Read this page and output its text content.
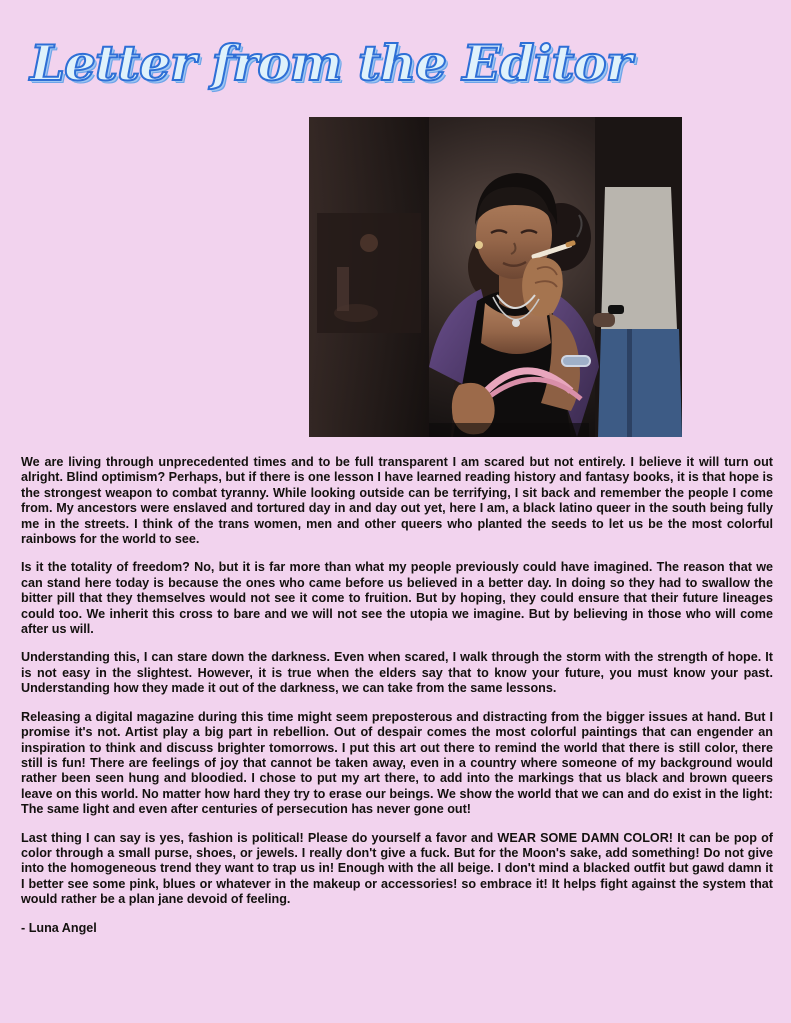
Letter from the Editor

We are living through unprecedented times and to be full transparent I am scared but not entirely. I believe it will turn out alright. Blind optimism? Perhaps, but if there is one lesson I have learned reading history and fantasy books, it is that hope is the strongest weapon to combat tyranny. While looking outside can be terrifying, I sit back and remember the people I come from. My ancestors were enslaved and tortured day in and day out yet, here I am, a black latino queer in the south being fully me in the streets. I think of the trans women, men and other queers who planted the seeds to let us be the most colorful rainbows for the world to see.

Is it the totality of freedom? No, but it is far more than what my people previously could have imagined. The reason that we can stand here today is because the ones who came before us believed in a better day. In doing so they had to swallow the bitter pill that they themselves would not see it come to fruition. But by hoping, they could ensure that their future lineages could too. We inherit this cross to bare and we will not see the utopia we imagine. But by believing in those who will come after us will.

Understanding this, I can stare down the darkness. Even when scared, I walk through the storm with the strength of hope. It is not easy in the slightest. However, it is true when the elders say that to know your future, you must know your past. Understanding how they made it out of the darkness, we can take from the same lessons.

Releasing a digital magazine during this time might seem preposterous and distracting from the bigger issues at hand. But I promise it's not. Artist play a big part in rebellion. Out of despair comes the most colorful paintings that can engender an inspiration to think and discuss brighter tomorrows. I put this art out there to remind the world that there is still color, there still is fun! There are feelings of joy that cannot be taken away, even in a country where someone of my background would rather been seen hung and bloodied. I chose to put my art there, to add into the markings that us black and brown queers leave on this world. No matter how hard they try to erase our beings. We show the world that we can and do exist in the light: The same light and even after centuries of persecution has never gone out!

Last thing I can say is yes, fashion is political! Please do yourself a favor and WEAR SOME DAMN COLOR! It can be pop of color through a small purse, shoes, or jewels. I really don't give a fuck. But for the Moon's sake, add something! Do not give into the homogeneous trend they want to trap us in! Enough with the all beige. I don't mind a blacked outfit but gawd damn it I better see some pink, blues or whatever in the makeup or accessories! so embrace it! It helps fight against the system that would rather be a plan jane devoid of feeling.

- Luna Angel
